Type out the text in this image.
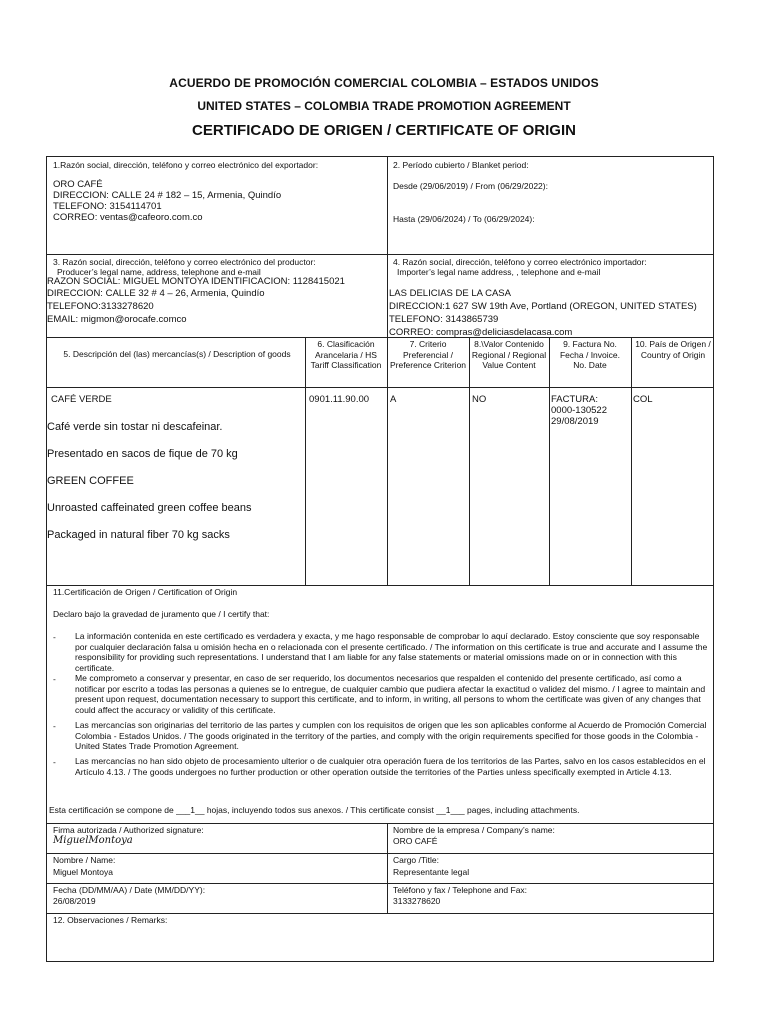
ACUERDO DE PROMOCIÓN COMERCIAL COLOMBIA – ESTADOS UNIDOS
UNITED STATES – COLOMBIA TRADE PROMOTION AGREEMENT
CERTIFICADO DE ORIGEN / CERTIFICATE OF ORIGIN
1.Razón social, dirección, teléfono y correo electrónico del exportador:
ORO CAFÉ
DIRECCION: CALLE 24 # 182 – 15, Armenia, Quindío
TELEFONO: 3154114701
CORREO: ventas@cafeoro.com.co
2. Período cubierto / Blanket period:
Desde (29/06/2019) / From (06/29/2022):
Hasta (29/06/2024) / To (06/29/2024):
3. Razón social, dirección, teléfono y correo electrónico del productor:
Producer’s legal name, address, telephone and e-mail
RAZON SOCIAL: MIGUEL MONTOYA IDENTIFICACION: 1128415021
DIRECCION: CALLE 32 # 4 – 26, Armenia, Quindío
TELEFONO:3133278620
EMAIL: migmon@orocafe.comco
4. Razón social, dirección, teléfono y correo electrónico importador:
Importer’s legal name address, , telephone and e-mail
LAS DELICIAS DE LA CASA
DIRECCION:1 627 SW 19th Ave, Portland (OREGON, UNITED STATES)
TELEFONO: 3143865739
CORREO: compras@deliciasdelacasa.com
5. Descripción del (las) mercancías(s) / Description of goods
6. Clasificación Arancelaria / HS Tariff Classification
7. Criterio Preferencial / Preference Criterion
8.\Valor Contenido Regional / Regional Value Content
9. Factura No. Fecha / Invoice. No. Date
10. País de Origen / Country of Origin
CAFÉ VERDE
Café verde sin tostar ni descafeinar.
Presentado en sacos de fique de 70 kg
GREEN COFFEE
Unroasted caffeinated green coffee beans
Packaged in natural fiber 70 kg sacks
0901.11.90.00 A	NO	FACTURA:
0000-130522
29/08/2019
COL
11.Certificación de Origen / Certification of Origin
Declaro bajo la gravedad de juramento que / I certify that:
- La información contenida en este certificado es verdadera y exacta, y me hago responsable de comprobar lo aquí declarado. Estoy consciente que soy responsable por cualquier declaración falsa u omisión hecha en o relacionada con el presente certificado. / The information on this certificate is true and accurate and I assume the responsibility for providing such representations. I understand that I am liable for any false statements or material omissions made on or in connection with this certificate.
- Me comprometo a conservar y presentar, en caso de ser requerido, los documentos necesarios que respalden el contenido del presente certificado, así como a notificar por escrito a todas las personas a quienes se lo entregue, de cualquier cambio que pudiera afectar la exactitud o validez del mismo. / I agree to maintain and present upon request, documentation necessary to support this certificate, and to inform, in writing, all persons to whom the certificate was given of any changes that could affect the accuracy or validity of this certificate.
- Las mercancías son originarias del territorio de las partes y cumplen con los requisitos de origen que les son aplicables conforme al Acuerdo de Promoción Comercial Colombia - Estados Unidos. / The goods originated in the territory of the parties, and comply with the origin requirements specified for those goods in the Colombia - United States Trade Promotion Agreement.
- Las mercancías no han sido objeto de procesamiento ulterior o de cualquier otra operación fuera de los territorios de las Partes, salvo en los casos establecidos en el Artículo 4.13. / The goods undergoes no further production or other operation outside the territories of the Parties unless specifically exempted in Article 4.13.
Esta certificación se compone de ___1__ hojas, incluyendo todos sus anexos. / This certificate consist __1___ pages, including attachments.
Firma autorizada / Authorized signature:
MiguelMontoya
Nombre de la empresa / Company’s name:
ORO CAFÉ
Nombre / Name:
Miguel Montoya
Cargo /Title:
Representante legal
Fecha (DD/MM/AA) / Date (MM/DD/YY):
26/08/2019
Teléfono y fax / Telephone and Fax:
3133278620
12. Observaciones / Remarks:
